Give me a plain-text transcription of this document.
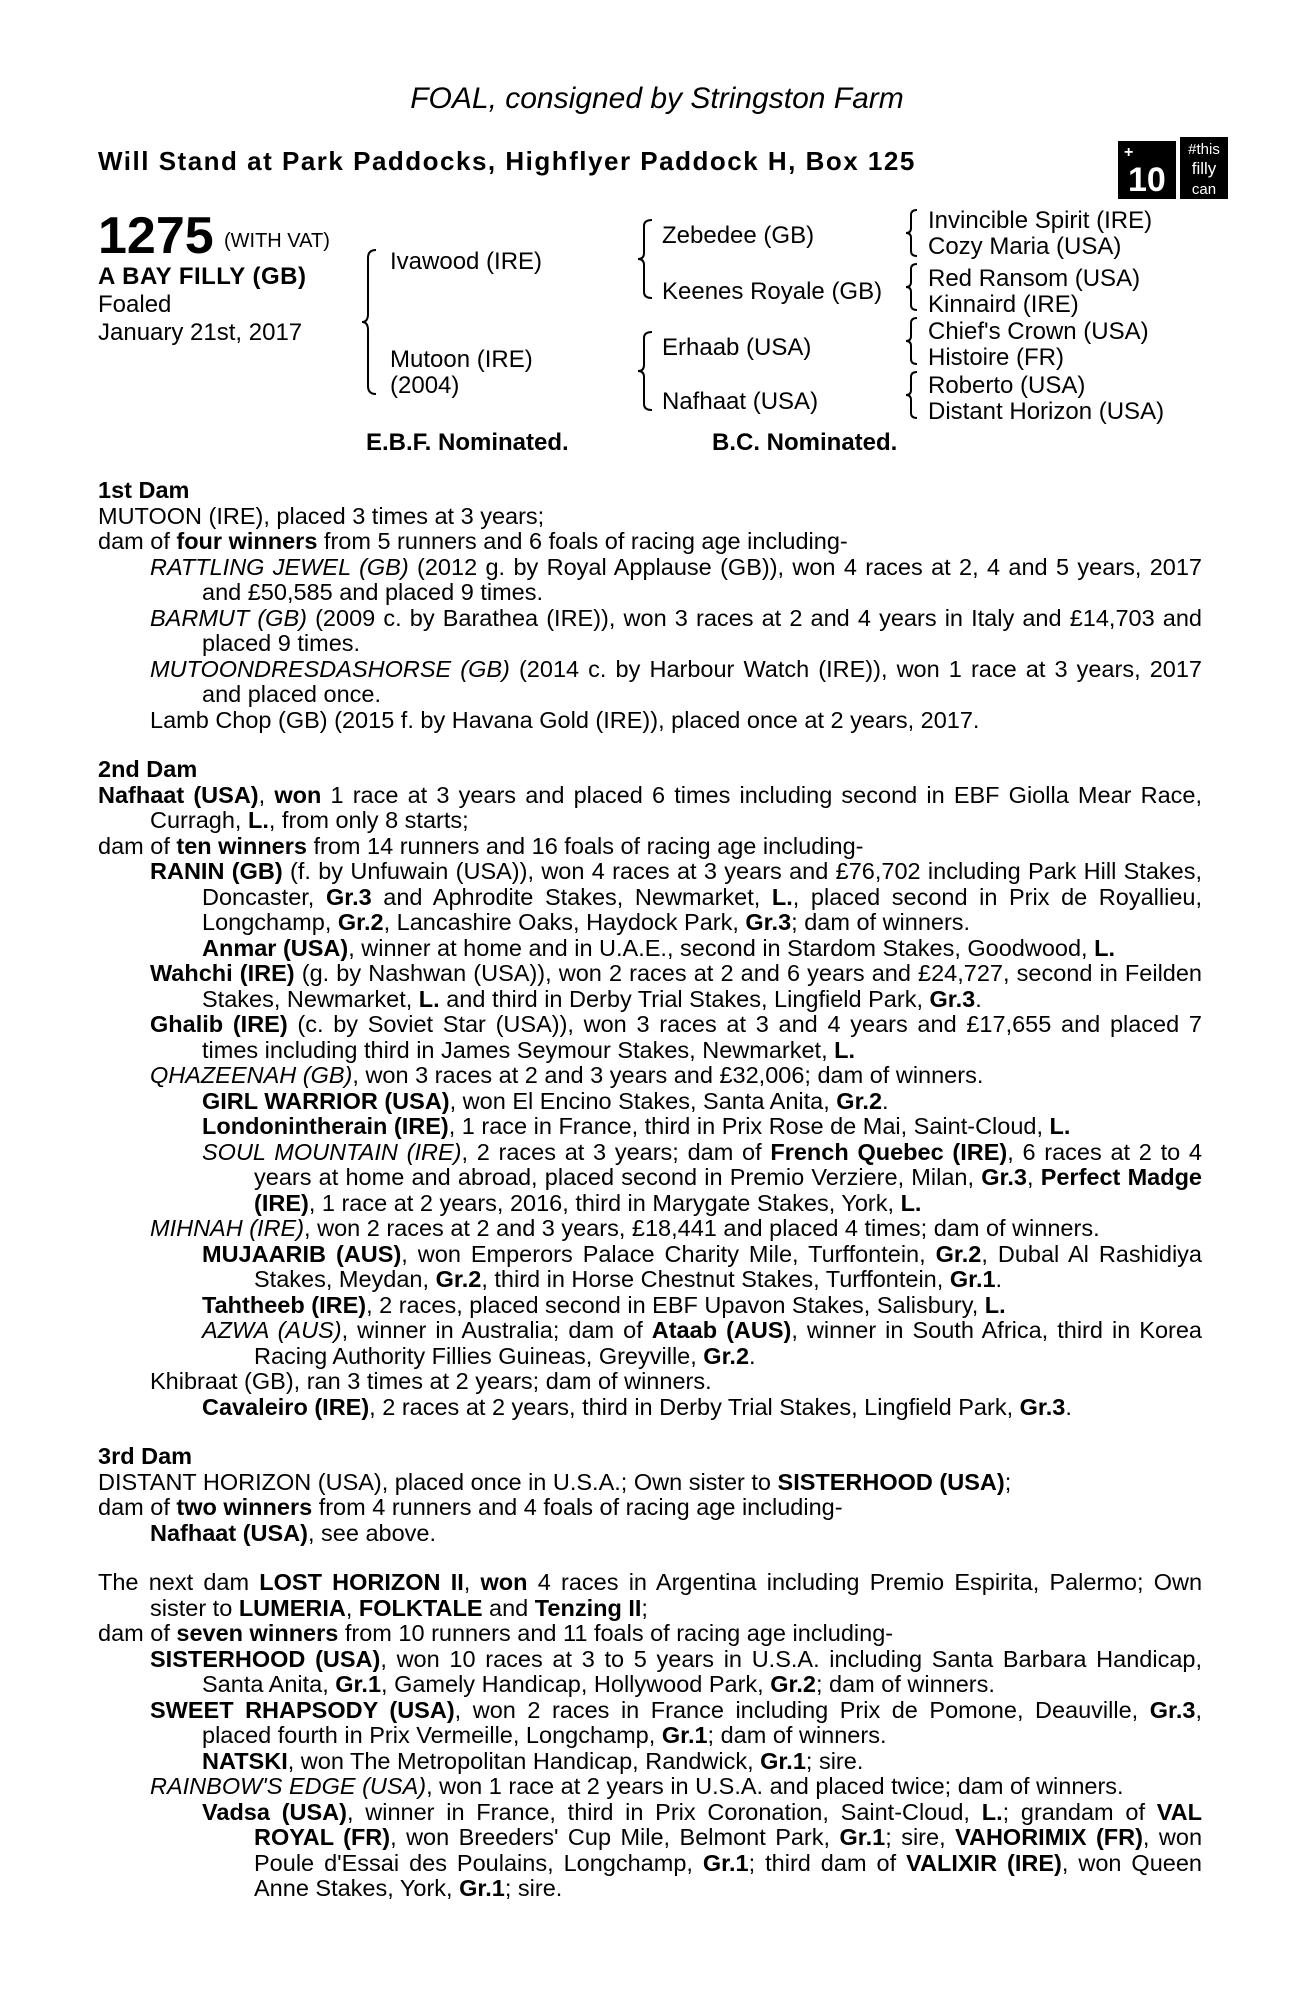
FOAL, consigned by Stringston Farm
Will Stand at Park Paddocks, Highflyer Paddock H, Box 125	+
10
#this
filly
can
1275 (WITH VAT)
A BAY FILLY (GB)
Foaled
January 21st, 2017
Ivawood (IRE)
Mutoon (IRE)
(2004)
Zebedee (GB)
Keenes Royale (GB)
Erhaab (USA)
Nafhaat (USA)
Invincible Spirit (IRE)
Cozy Maria (USA)
Red Ransom (USA)
Kinnaird (IRE)
Chief's Crown (USA)
Histoire (FR)
Roberto (USA)
Distant Horizon (USA)
E.B.F. Nominated.	B.C. Nominated.

1st Dam

MUTOON (IRE), placed 3 times at 3 years;

dam of four winners from 5 runners and 6 foals of racing age including-

RATTLING JEWEL (GB) (2012 g. by Royal Applause (GB)), won 4 races at 2, 4 and 5 years, 2017 and £50,585 and placed 9 times.

BARMUT (GB) (2009 c. by Barathea (IRE)), won 3 races at 2 and 4 years in Italy and £14,703 and placed 9 times.

MUTOONDRESDASHORSE (GB) (2014 c. by Harbour Watch (IRE)), won 1 race at 3 years, 2017 and placed once.

Lamb Chop (GB) (2015 f. by Havana Gold (IRE)), placed once at 2 years, 2017.

2nd Dam

Nafhaat (USA), won 1 race at 3 years and placed 6 times including second in EBF Giolla Mear Race, Curragh, L., from only 8 starts;

dam of ten winners from 14 runners and 16 foals of racing age including-

RANIN (GB) (f. by Unfuwain (USA)), won 4 races at 3 years and £76,702 including Park Hill Stakes, Doncaster, Gr.3 and Aphrodite Stakes, Newmarket, L., placed second in Prix de Royallieu, Longchamp, Gr.2, Lancashire Oaks, Haydock Park, Gr.3; dam of winners.

Anmar (USA), winner at home and in U.A.E., second in Stardom Stakes, Goodwood, L.

Wahchi (IRE) (g. by Nashwan (USA)), won 2 races at 2 and 6 years and £24,727, second in Feilden Stakes, Newmarket, L. and third in Derby Trial Stakes, Lingfield Park, Gr.3.

Ghalib (IRE) (c. by Soviet Star (USA)), won 3 races at 3 and 4 years and £17,655 and placed 7 times including third in James Seymour Stakes, Newmarket, L.

QHAZEENAH (GB), won 3 races at 2 and 3 years and £32,006; dam of winners.

GIRL WARRIOR (USA), won El Encino Stakes, Santa Anita, Gr.2.

Londonintherain (IRE), 1 race in France, third in Prix Rose de Mai, Saint-Cloud, L.

SOUL MOUNTAIN (IRE), 2 races at 3 years; dam of French Quebec (IRE), 6 races at 2 to 4 years at home and abroad, placed second in Premio Verziere, Milan, Gr.3, Perfect Madge (IRE), 1 race at 2 years, 2016, third in Marygate Stakes, York, L.

MIHNAH (IRE), won 2 races at 2 and 3 years, £18,441 and placed 4 times; dam of winners.

MUJAARIB (AUS), won Emperors Palace Charity Mile, Turffontein, Gr.2, Dubal Al Rashidiya Stakes, Meydan, Gr.2, third in Horse Chestnut Stakes, Turffontein, Gr.1.

Tahtheeb (IRE), 2 races, placed second in EBF Upavon Stakes, Salisbury, L.

AZWA (AUS), winner in Australia; dam of Ataab (AUS), winner in South Africa, third in Korea Racing Authority Fillies Guineas, Greyville, Gr.2.

Khibraat (GB), ran 3 times at 2 years; dam of winners.

Cavaleiro (IRE), 2 races at 2 years, third in Derby Trial Stakes, Lingfield Park, Gr.3.

3rd Dam

DISTANT HORIZON (USA), placed once in U.S.A.; Own sister to SISTERHOOD (USA);

dam of two winners from 4 runners and 4 foals of racing age including-

Nafhaat (USA), see above.

The next dam LOST HORIZON II, won 4 races in Argentina including Premio Espirita, Palermo; Own sister to LUMERIA, FOLKTALE and Tenzing II;

dam of seven winners from 10 runners and 11 foals of racing age including-

SISTERHOOD (USA), won 10 races at 3 to 5 years in U.S.A. including Santa Barbara Handicap, Santa Anita, Gr.1, Gamely Handicap, Hollywood Park, Gr.2; dam of winners.

SWEET RHAPSODY (USA), won 2 races in France including Prix de Pomone, Deauville, Gr.3, placed fourth in Prix Vermeille, Longchamp, Gr.1; dam of winners.

NATSKI, won The Metropolitan Handicap, Randwick, Gr.1; sire.

RAINBOW'S EDGE (USA), won 1 race at 2 years in U.S.A. and placed twice; dam of winners.

Vadsa (USA), winner in France, third in Prix Coronation, Saint-Cloud, L.; grandam of VAL ROYAL (FR), won Breeders' Cup Mile, Belmont Park, Gr.1; sire, VAHORIMIX (FR), won Poule d'Essai des Poulains, Longchamp, Gr.1; third dam of VALIXIR (IRE), won Queen Anne Stakes, York, Gr.1; sire.
